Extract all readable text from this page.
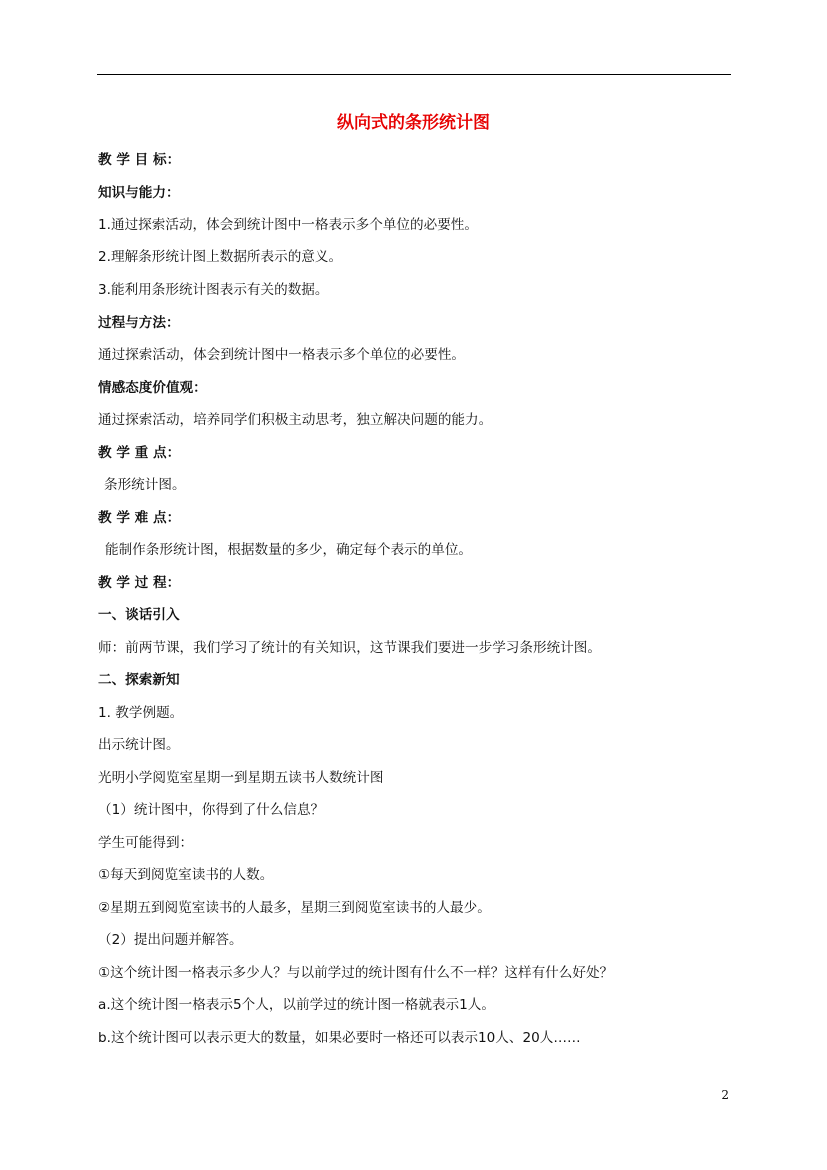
纵向式的条形统计图
教 学 目 标：
知识与能力：
1.通过探索活动，体会到统计图中一格表示多个单位的必要性。
2.理解条形统计图上数据所表示的意义。
3.能利用条形统计图表示有关的数据。
过程与方法：
通过探索活动，体会到统计图中一格表示多个单位的必要性。
情感态度价值观：
通过探索活动，培养同学们积极主动思考，独立解决问题的能力。
教 学 重 点：
条形统计图。
教 学 难 点：
能制作条形统计图，根据数量的多少，确定每个表示的单位。
教 学 过 程：
一、谈话引入
师：前两节课，我们学习了统计的有关知识，这节课我们要进一步学习条形统计图。
二、探索新知
1. 教学例题。
出示统计图。
光明小学阅览室星期一到星期五读书人数统计图
（1）统计图中，你得到了什么信息？
学生可能得到：
①每天到阅览室读书的人数。
②星期五到阅览室读书的人最多，星期三到阅览室读书的人最少。
（2）提出问题并解答。
①这个统计图一格表示多少人？与以前学过的统计图有什么不一样？这样有什么好处？
a.这个统计图一格表示5个人，以前学过的统计图一格就表示1人。
b.这个统计图可以表示更大的数量，如果必要时一格还可以表示10人、20人……
2
